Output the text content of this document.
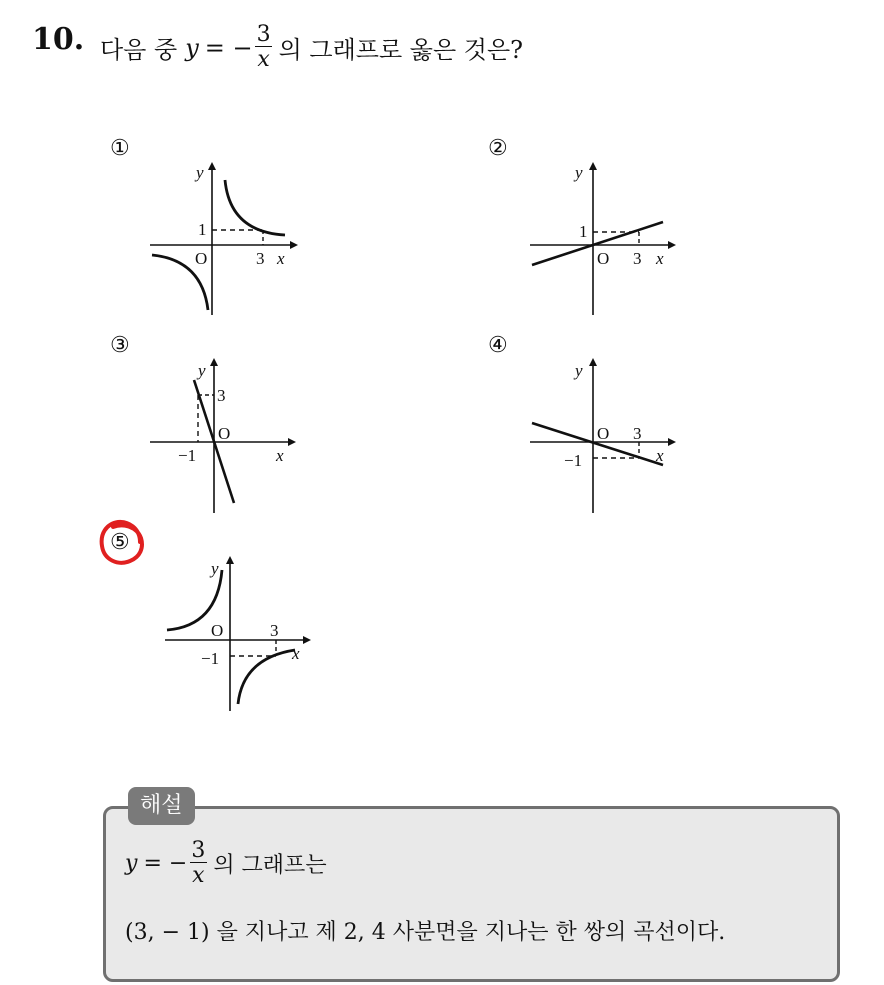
10. 다음 중 y = − $\frac{3}{x}$ 의 그래프로 옳은 것은?
①	②
③	④
⑤
y
1
O	3 x
y
1
O 3 x
y
3
O
−1	x
y
O 3
−1	x
y
O	3
−1	x
해설
y = − $\frac{3}{x}$ 의 그래프는
(3, − 1) 을 지나고 제 2, 4 사분면을 지나는 한 쌍의 곡선이다.
